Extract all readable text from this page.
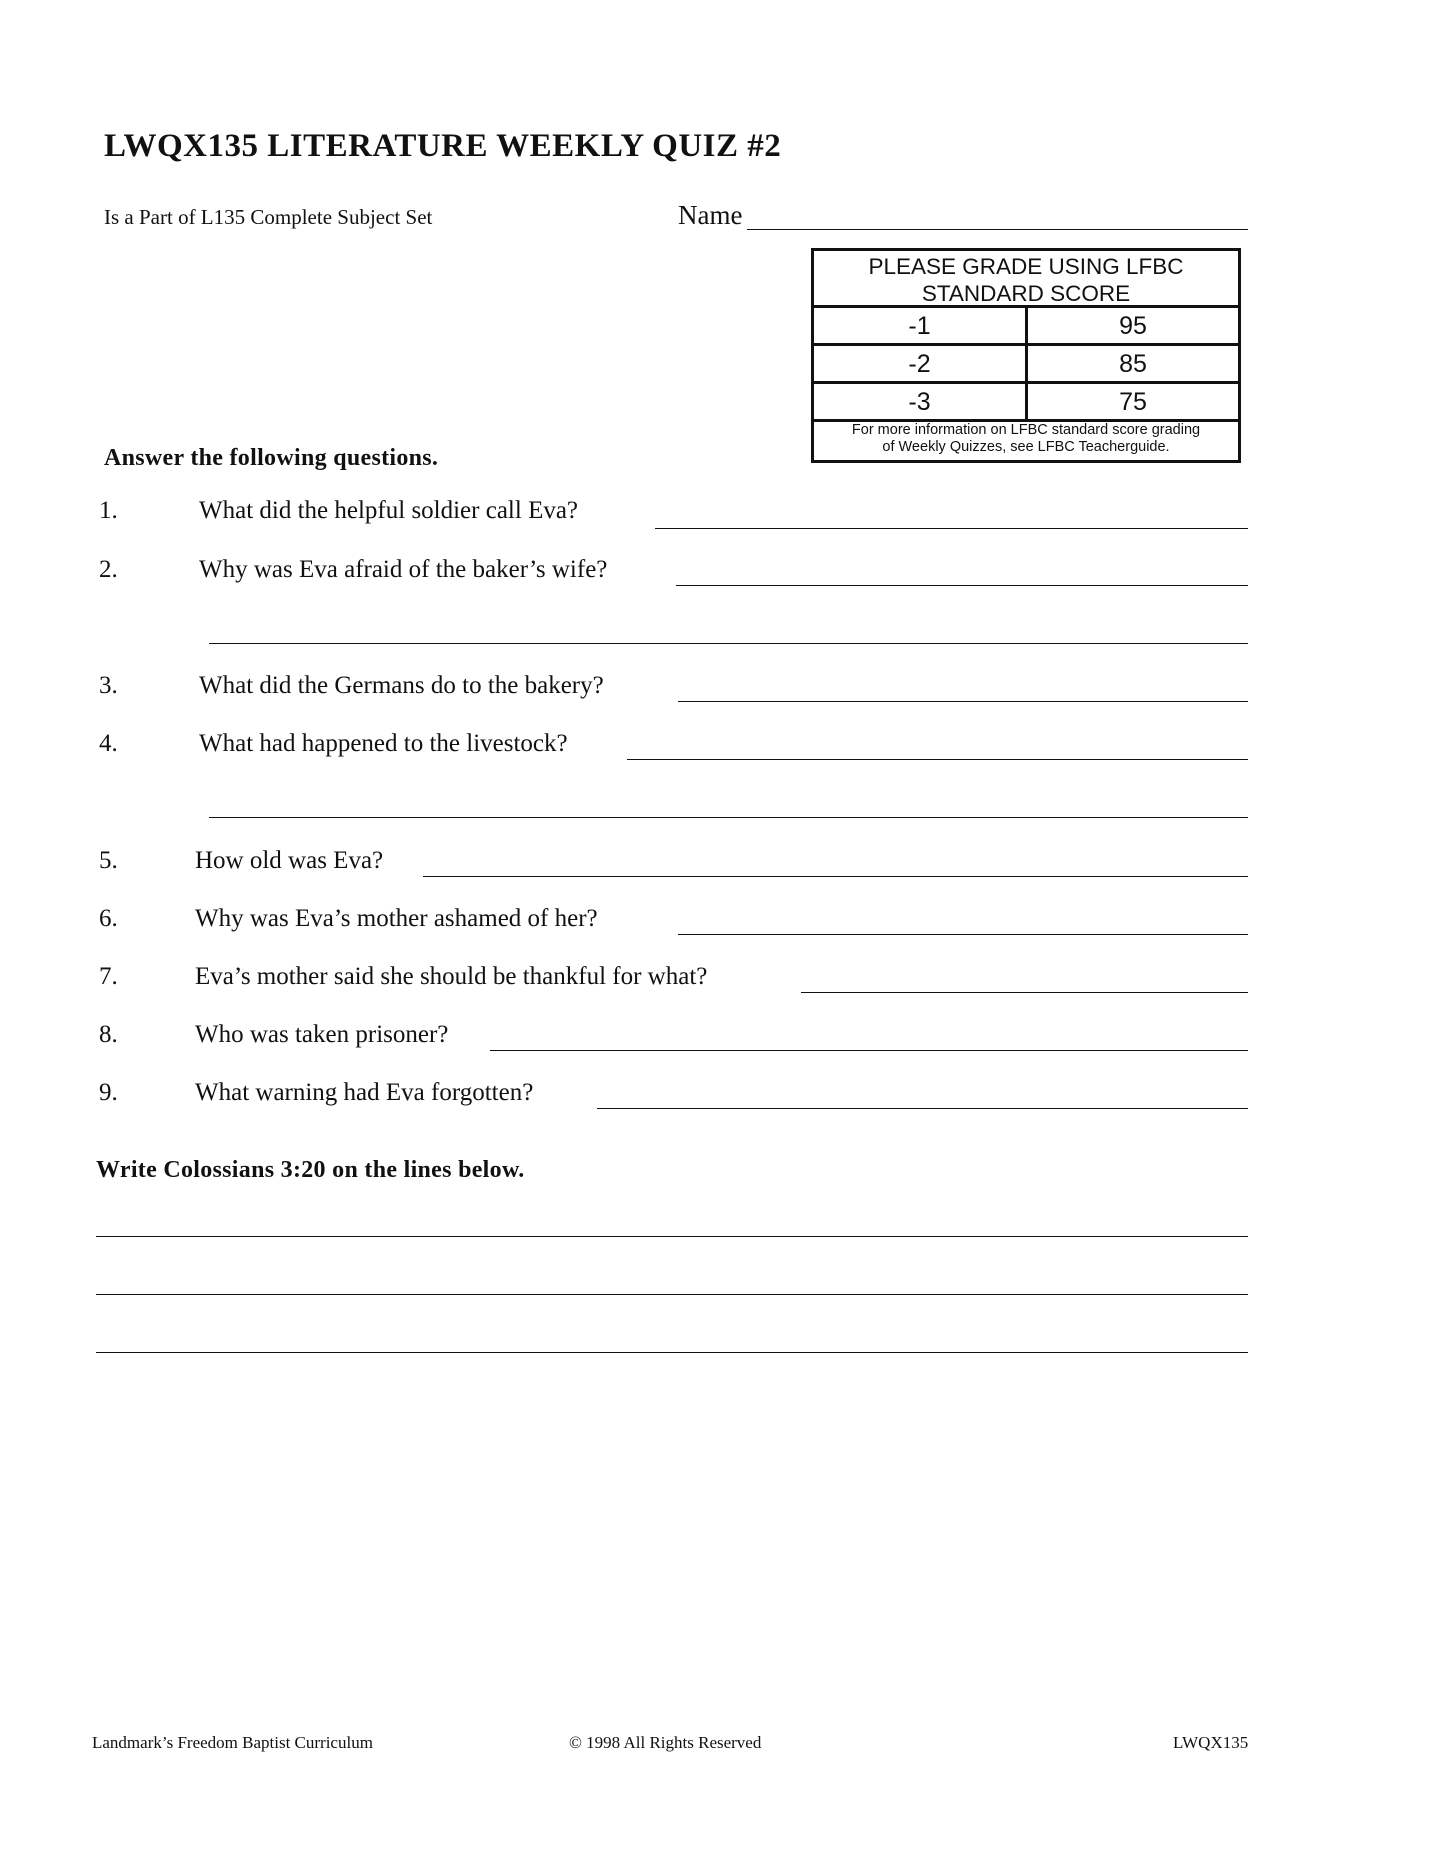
LWQX135 LITERATURE WEEKLY QUIZ #2
Is a Part of L135 Complete Subject Set	Name
PLEASE GRADE USING LFBC
STANDARD SCORE
-1	95
-2	85
-3	75
For more information on LFBC standard score grading
of Weekly Quizzes, see LFBC Teacherguide.
Answer the following questions.
1.	What did the helpful soldier call Eva?
2.	Why was Eva afraid of the baker’s wife?
3.	What did the Germans do to the bakery?
4.	What had happened to the livestock?
5.	How old was Eva?
6.	Why was Eva’s mother ashamed of her?
7.	Eva’s mother said she should be thankful for what?
8.	Who was taken prisoner?
9.	What warning had Eva forgotten?
Write Colossians 3:20 on the lines below.
Landmark’s Freedom Baptist Curriculum	© 1998 All Rights Reserved	LWQX135
